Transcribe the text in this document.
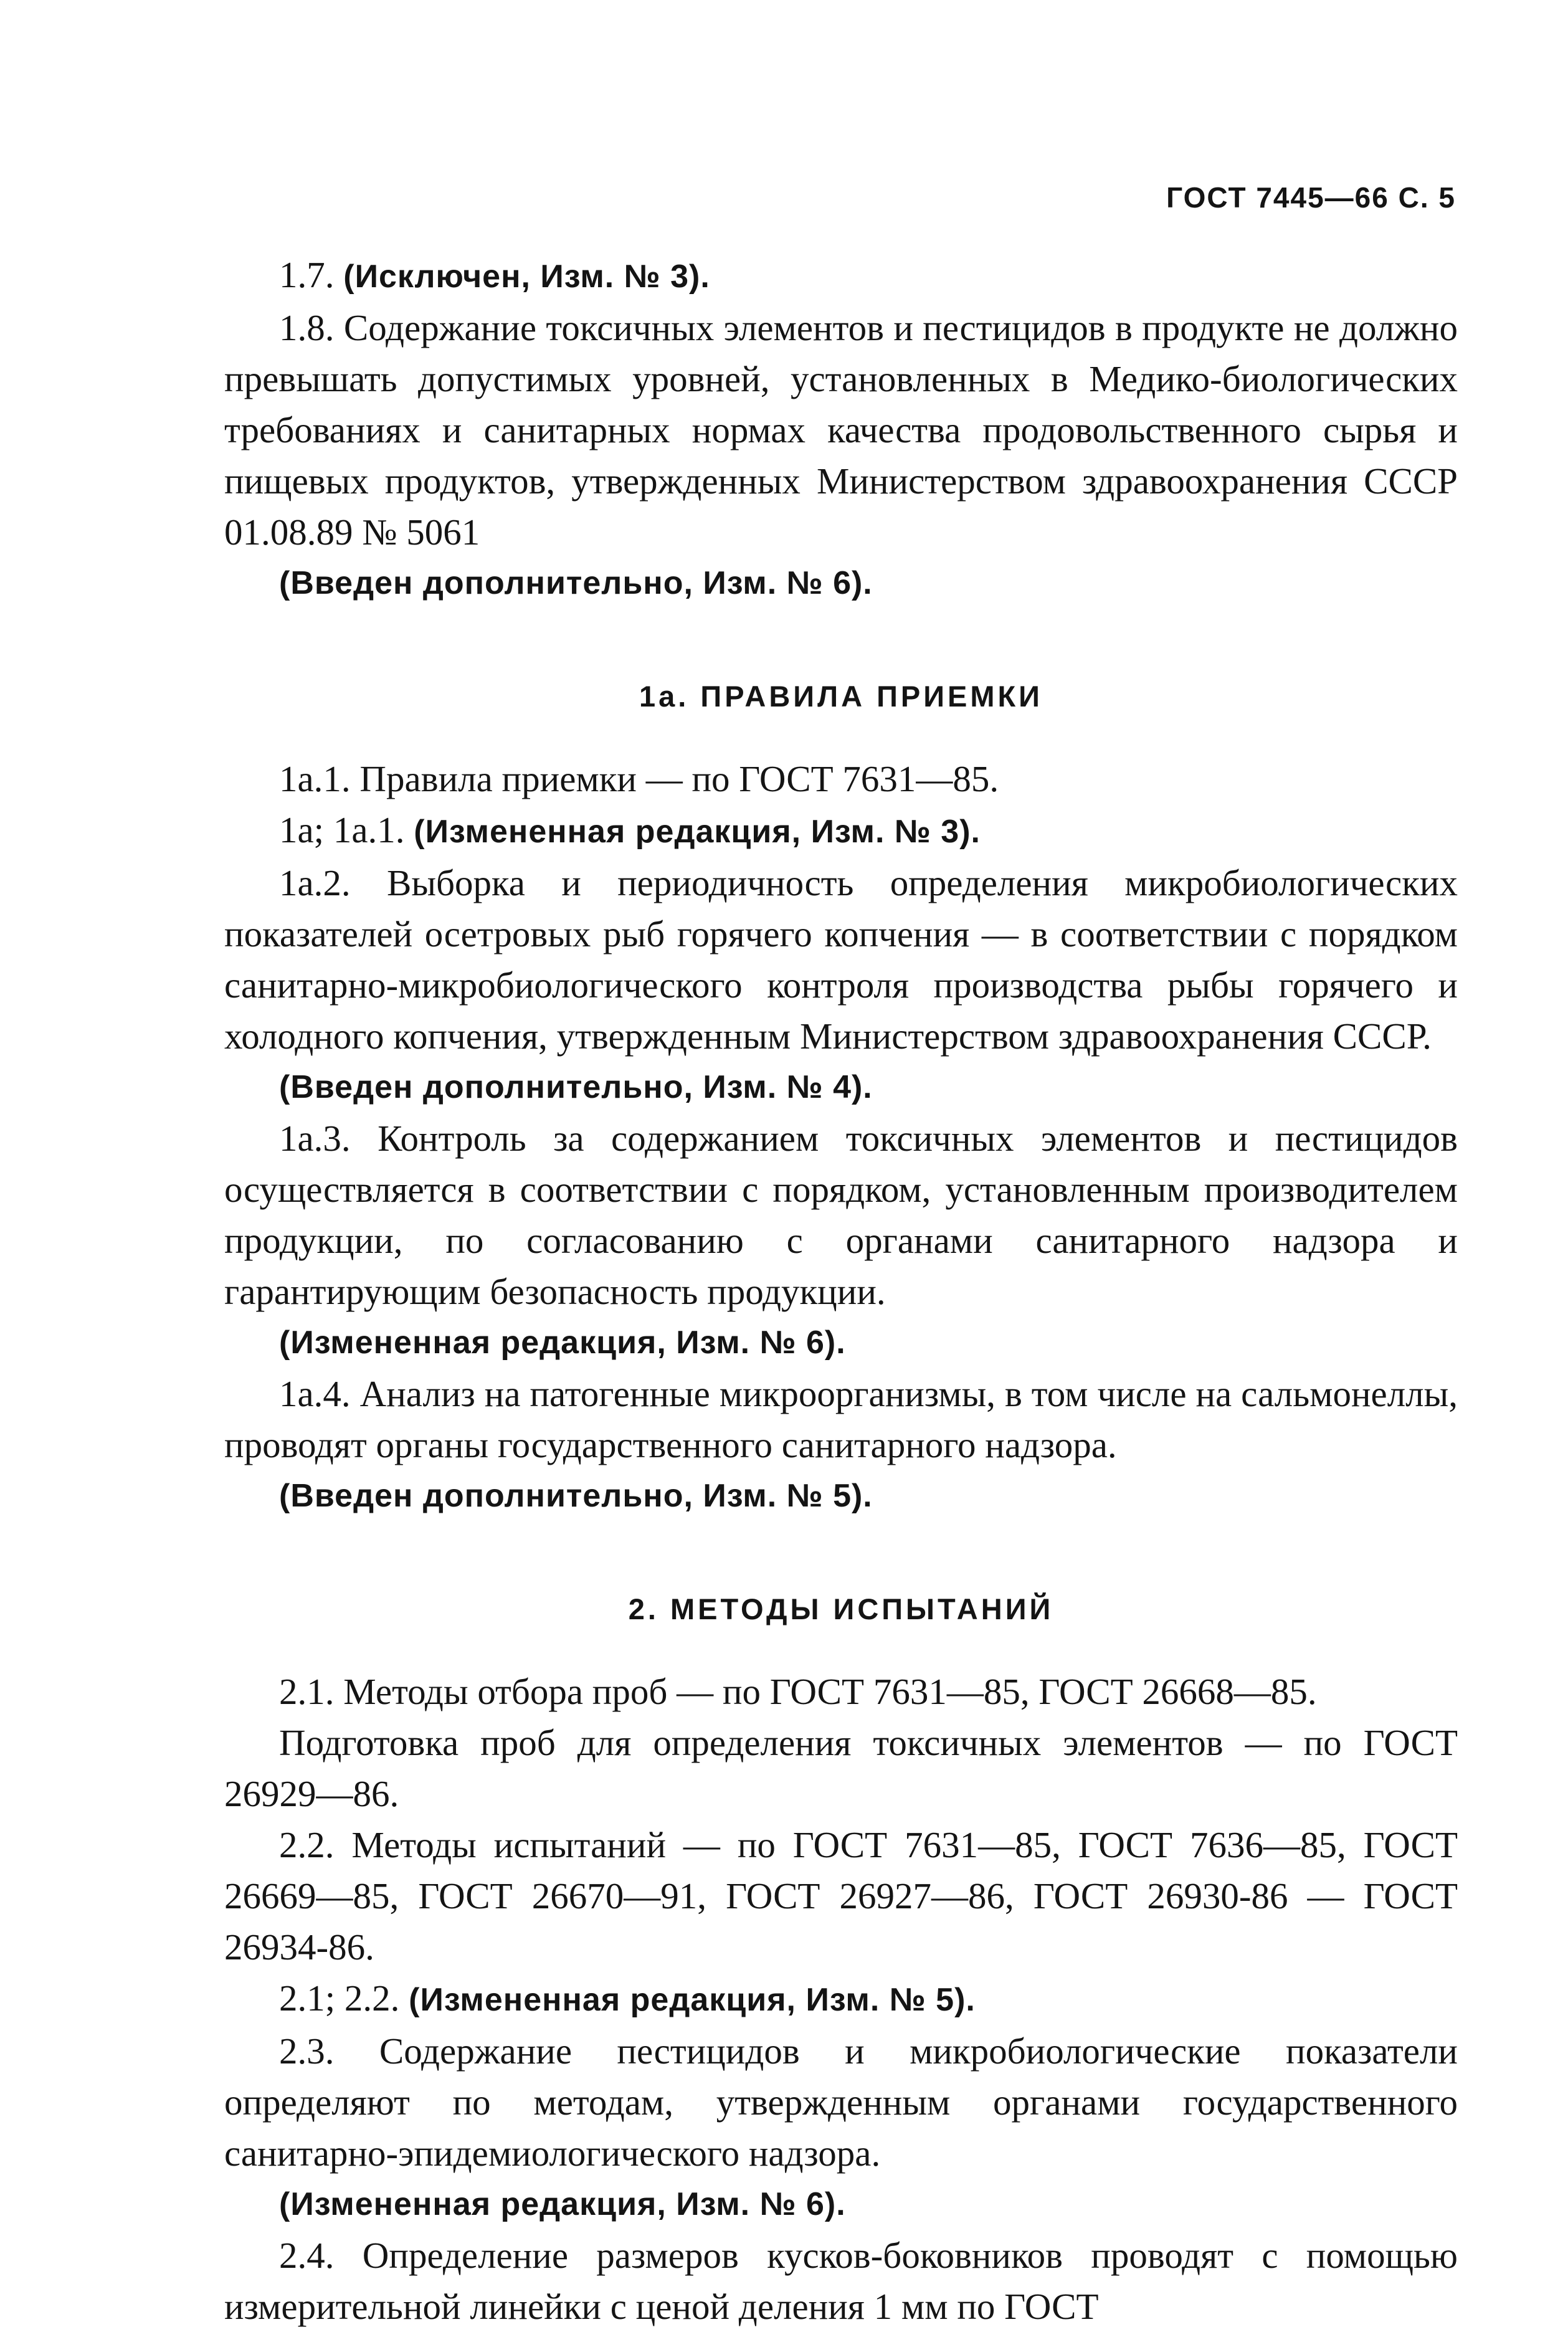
ГОСТ 7445—66 С. 5

1.7. (Исключен, Изм. № 3).

1.8. Содержание токсичных элементов и пестицидов в продукте не должно превышать допустимых уровней, установленных в Медико-биологических требованиях и санитарных нормах качества продовольственного сырья и пищевых продуктов, утвержденных Министерством здравоохранения СССР 01.08.89 № 5061

(Введен дополнительно, Изм. № 6).

1а. ПРАВИЛА ПРИЕМКИ

1а.1. Правила приемки — по ГОСТ 7631—85.

1а; 1а.1. (Измененная редакция, Изм. № 3).

1а.2. Выборка и периодичность определения микробиологических показателей осетровых рыб горячего копчения — в соответствии с порядком санитарно-микробиологического контроля производства рыбы горячего и холодного копчения, утвержденным Министерством здравоохранения СССР.

(Введен дополнительно, Изм. № 4).

1а.3. Контроль за содержанием токсичных элементов и пестицидов осуществляется в соответствии с порядком, установленным производителем продукции, по согласованию с органами санитарного надзора и гарантирующим безопасность продукции.

(Измененная редакция, Изм. № 6).

1а.4. Анализ на патогенные микроорганизмы, в том числе на сальмонеллы, проводят органы государственного санитарного надзора.

(Введен дополнительно, Изм. № 5).

2. МЕТОДЫ ИСПЫТАНИЙ

2.1. Методы отбора проб — по ГОСТ 7631—85, ГОСТ 26668—85.

Подготовка проб для определения токсичных элементов — по ГОСТ 26929—86.

2.2. Методы испытаний — по ГОСТ 7631—85, ГОСТ 7636—85, ГОСТ 26669—85, ГОСТ 26670—91, ГОСТ 26927—86, ГОСТ 26930-86 — ГОСТ 26934-86.

2.1; 2.2. (Измененная редакция, Изм. № 5).

2.3. Содержание пестицидов и микробиологические показатели определяют по методам, утвержденным органами государственного санитарно-эпидемиологического надзора.

(Измененная редакция, Изм. № 6).

2.4. Определение размеров кусков-боковников проводят с помощью измерительной линейки с ценой деления 1 мм по ГОСТ
